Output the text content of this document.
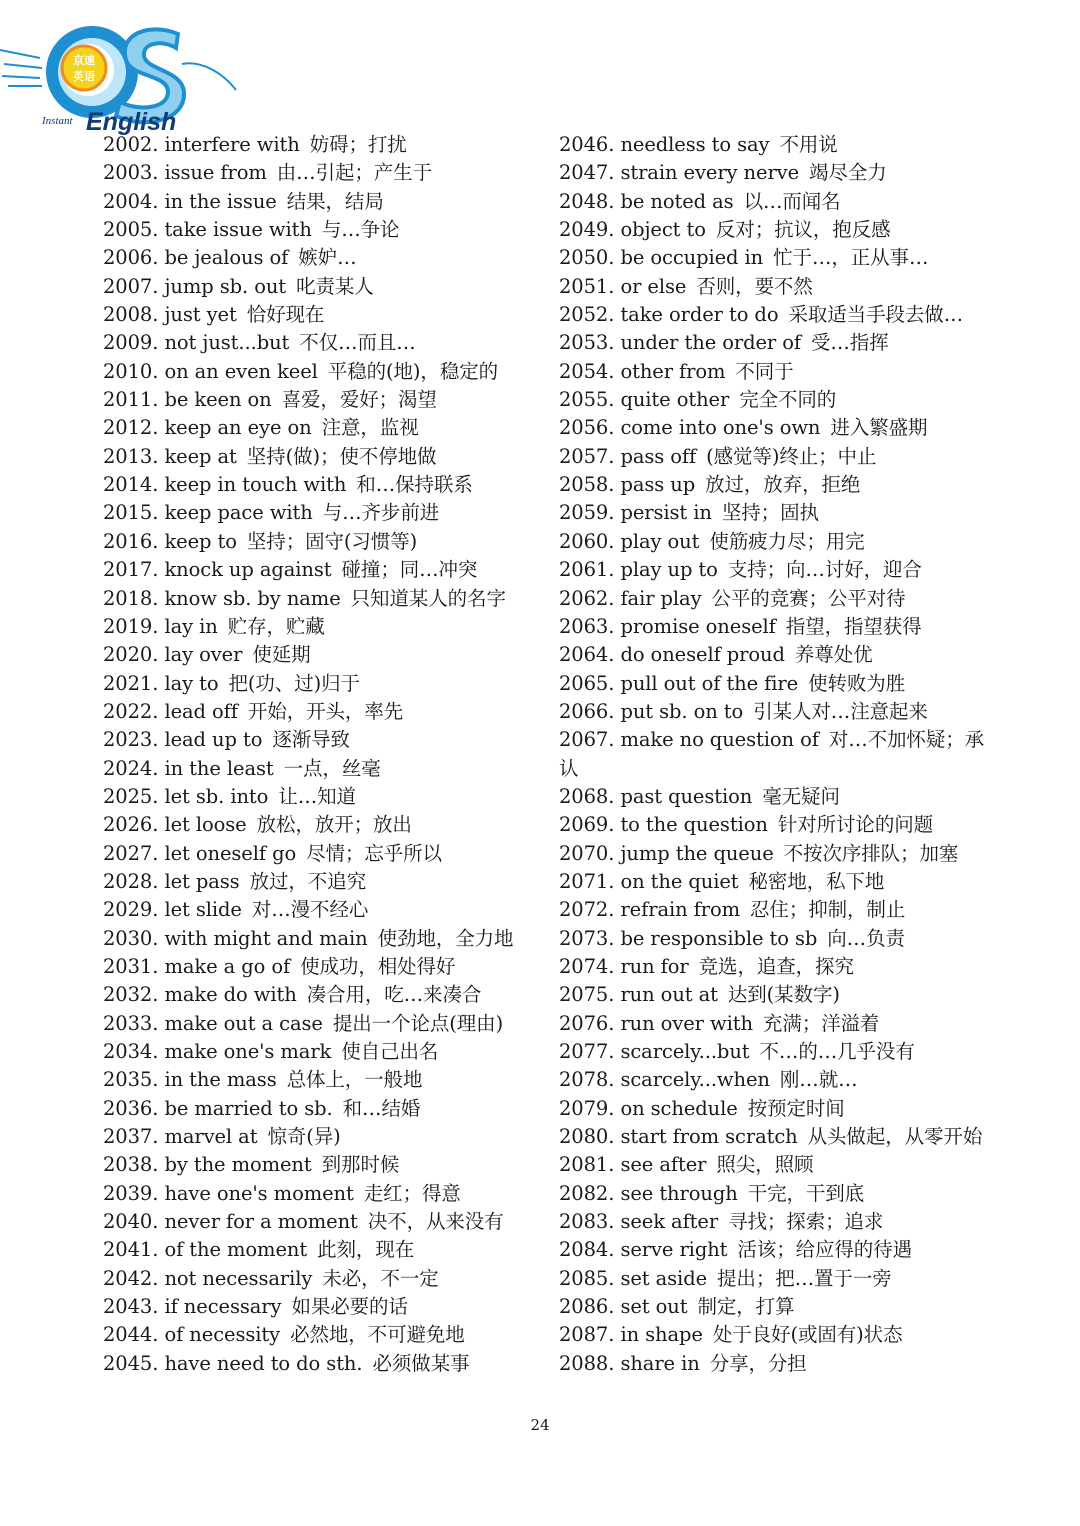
京速
英语
Instant English
2002. interfere with 妨碍；打扰
2003. issue from 由…引起；产生于
2004. in the issue 结果，结局
2005. take issue with 与…争论
2006. be jealous of 嫉妒…
2007. jump sb. out 叱责某人
2008. just yet 恰好现在
2009. not just...but 不仅…而且…
2010. on an even keel 平稳的(地)，稳定的
2011. be keen on 喜爱，爱好；渴望
2012. keep an eye on 注意，监视
2013. keep at 坚持(做)；使不停地做
2014. keep in touch with 和…保持联系
2015. keep pace with 与…齐步前进
2016. keep to 坚持；固守(习惯等)
2017. knock up against 碰撞；同…冲突
2018. know sb. by name 只知道某人的名字
2019. lay in 贮存，贮藏
2020. lay over 使延期
2021. lay to 把(功、过)归于
2022. lead off 开始，开头，率先
2023. lead up to 逐渐导致
2024. in the least 一点，丝毫
2025. let sb. into 让…知道
2026. let loose 放松，放开；放出
2027. let oneself go 尽情；忘乎所以
2028. let pass 放过，不追究
2029. let slide 对…漫不经心
2030. with might and main 使劲地，全力地
2031. make a go of 使成功，相处得好
2032. make do with 凑合用，吃…来凑合
2033. make out a case 提出一个论点(理由)
2034. make one's mark 使自己出名
2035. in the mass 总体上，一般地
2036. be married to sb. 和…结婚
2037. marvel at 惊奇(异)
2038. by the moment 到那时候
2039. have one's moment 走红；得意
2040. never for a moment 决不，从来没有
2041. of the moment 此刻，现在
2042. not necessarily 未必，不一定
2043. if necessary 如果必要的话
2044. of necessity 必然地，不可避免地
2045. have need to do sth. 必须做某事
2046. needless to say 不用说
2047. strain every nerve 竭尽全力
2048. be noted as 以…而闻名
2049. object to 反对；抗议，抱反感
2050. be occupied in 忙于…，正从事…
2051. or else 否则，要不然
2052. take order to do 采取适当手段去做…
2053. under the order of 受…指挥
2054. other from 不同于
2055. quite other 完全不同的
2056. come into one's own 进入繁盛期
2057. pass off (感觉等)终止；中止
2058. pass up 放过，放弃，拒绝
2059. persist in 坚持；固执
2060. play out 使筋疲力尽；用完
2061. play up to 支持；向…讨好，迎合
2062. fair play 公平的竞赛；公平对待
2063. promise oneself 指望，指望获得
2064. do oneself proud 养尊处优
2065. pull out of the fire 使转败为胜
2066. put sb. on to 引某人对…注意起来
2067. make no question of 对…不加怀疑；承认
2068. past question 毫无疑问
2069. to the question 针对所讨论的问题
2070. jump the queue 不按次序排队；加塞
2071. on the quiet 秘密地，私下地
2072. refrain from 忍住；抑制，制止
2073. be responsible to sb 向…负责
2074. run for 竞选，追查，探究
2075. run out at 达到(某数字)
2076. run over with 充满；洋溢着
2077. scarcely...but 不…的…几乎没有
2078. scarcely...when 刚…就…
2079. on schedule 按预定时间
2080. start from scratch 从头做起，从零开始
2081. see after 照尖，照顾
2082. see through 干完，干到底
2083. seek after 寻找；探索；追求
2084. serve right 活该；给应得的待遇
2085. set aside 提出；把…置于一旁
2086. set out 制定，打算
2087. in shape 处于良好(或固有)状态
2088. share in 分享，分担
24
